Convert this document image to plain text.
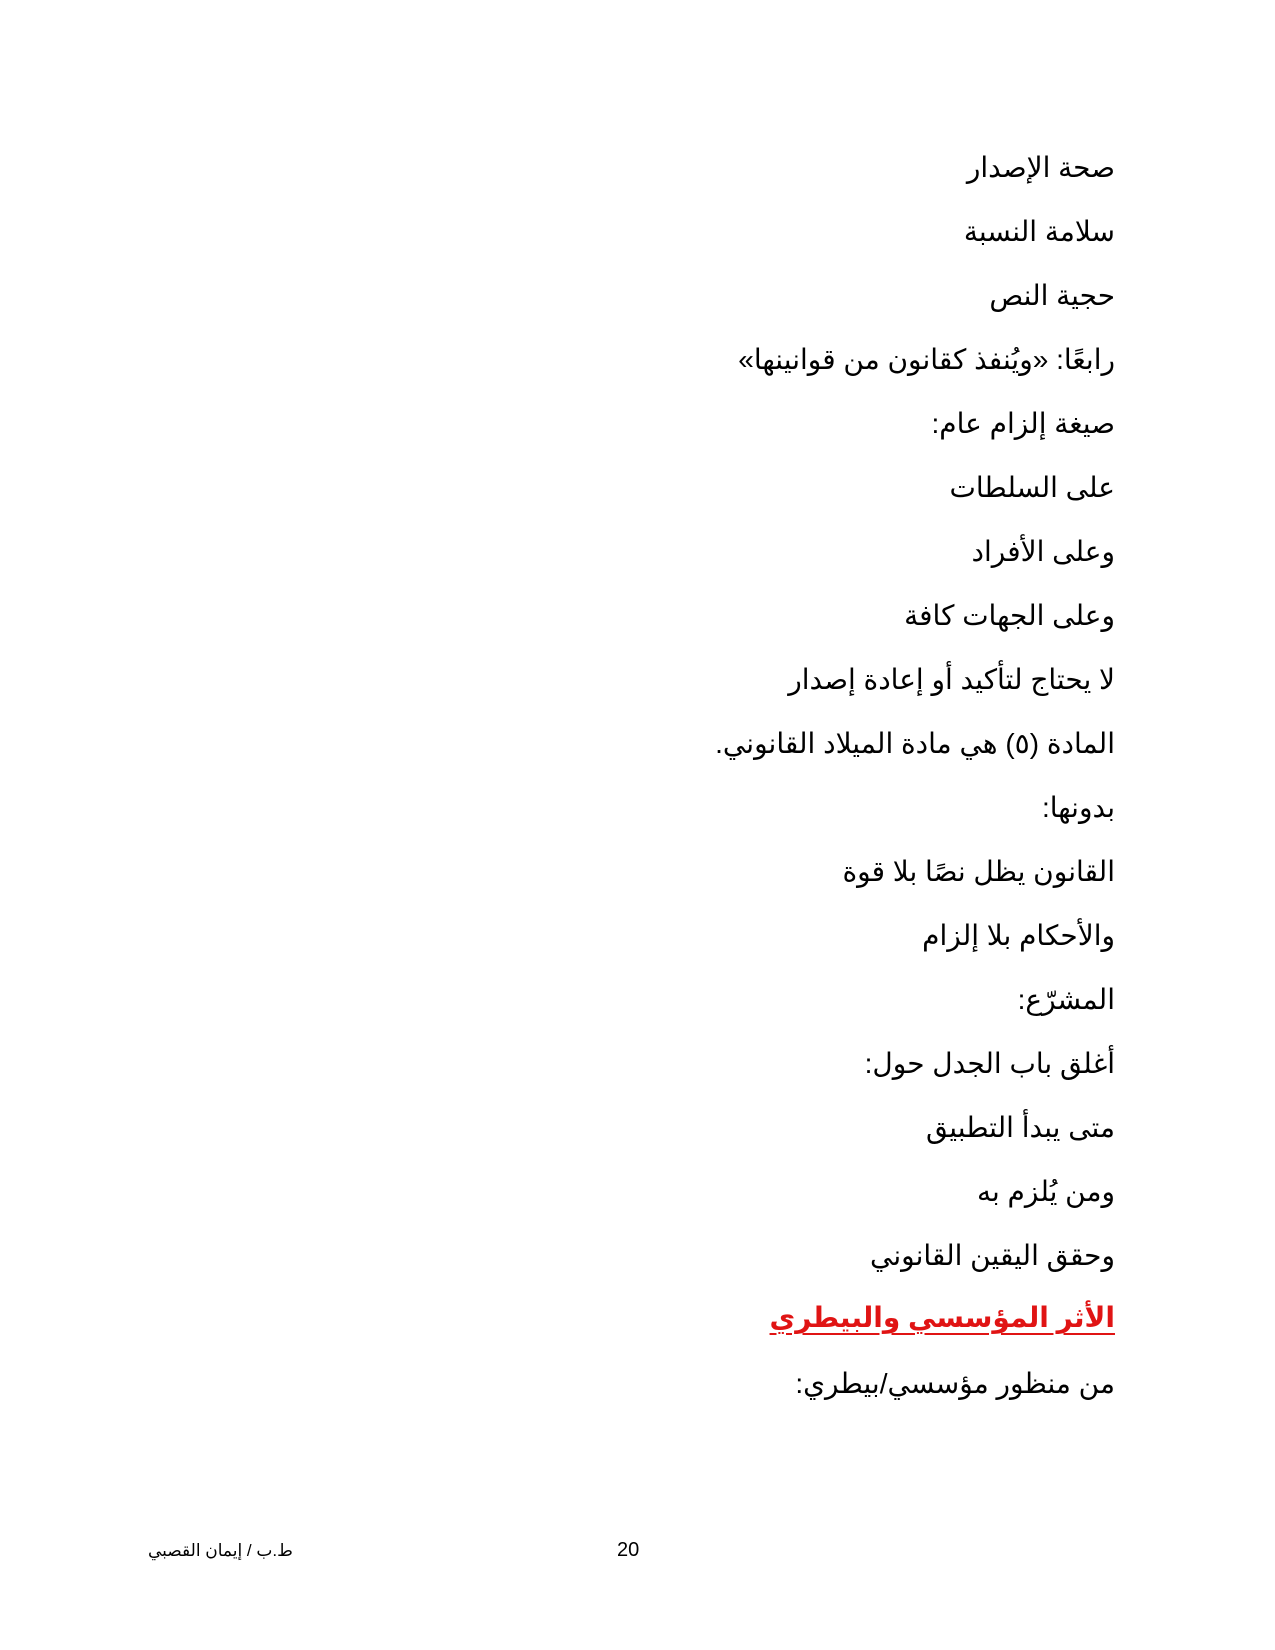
صحة الإصدار
سلامة النسبة
حجية النص
رابعًا: «ويُنفذ كقانون من قوانينها»
صيغة إلزام عام:
على السلطات
وعلى الأفراد
وعلى الجهات كافة
لا يحتاج لتأكيد أو إعادة إصدار
المادة (٥) هي مادة الميلاد القانوني.
بدونها:
القانون يظل نصًا بلا قوة
والأحكام بلا إلزام
المشرّع:
أغلق باب الجدل حول:
متى يبدأ التطبيق
ومن يُلزم به
وحقق اليقين القانوني
الأثر المؤسسي والبيطري
من منظور مؤسسي/بيطري:
ط.ب / إيمان القصبي	20
